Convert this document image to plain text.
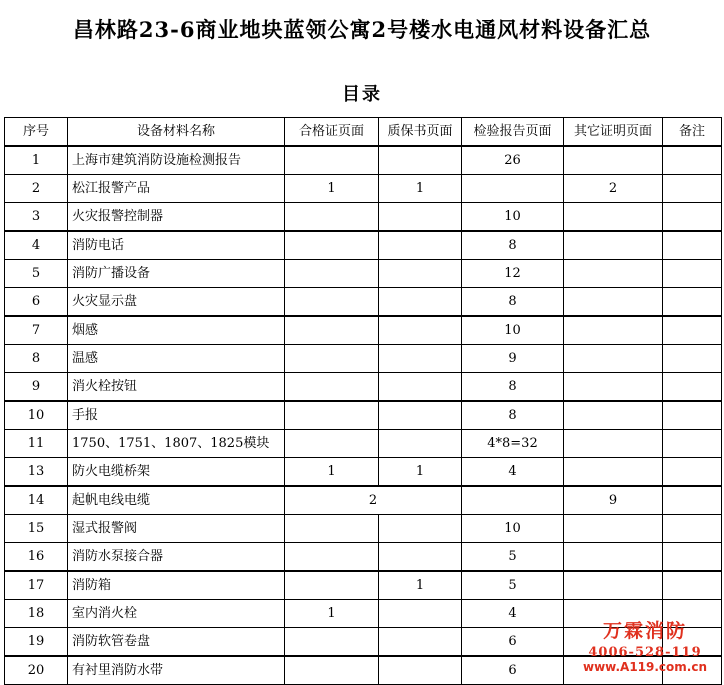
昌林路23-6商业地块蓝领公寓2号楼水电通风材料设备汇总
目录
序号	设备材料名称	合格证页面	质保书页面	检验报告页面	其它证明页面	备注
1	上海市建筑消防设施检测报告			26		
2	松江报警产品	1	1		2	
3	火灾报警控制器			10		
4	消防电话			8		
5	消防广播设备			12		
6	火灾显示盘			8		
7	烟感			10		
8	温感			9		
9	消火栓按钮			8		
10	手报			8		
11	1750、1751、1807、1825模块			4*8=32		
13	防火电缆桥架	1	1	4		
14	起帆电线电缆	2			9	
15	湿式报警阀			10		
16	消防水泵接合器			5		
17	消防箱		1	5		
18	室内消火栓	1		4		
19	消防软管卷盘			6		
20	有衬里消防水带			6		
万霖消防
4006-528-119
www.A119.com.cn
